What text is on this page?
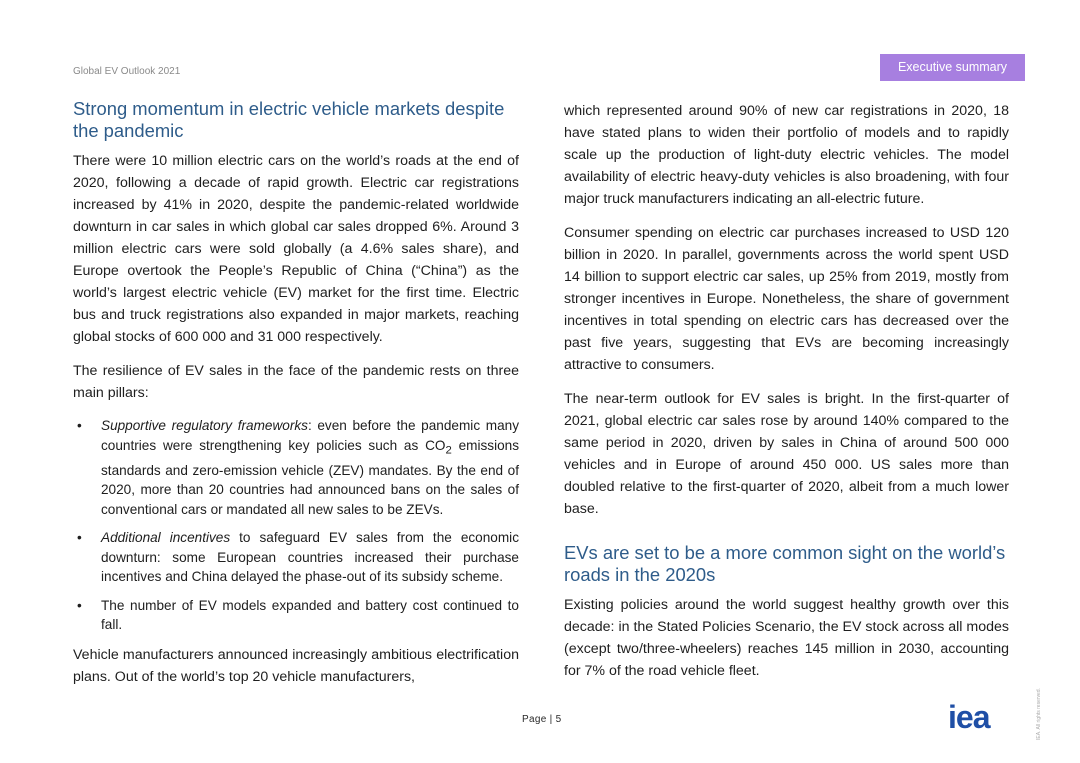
Global EV Outlook 2021	Executive summary
Strong momentum in electric vehicle markets despite the pandemic

There were 10 million electric cars on the world’s roads at the end of 2020, following a decade of rapid growth. Electric car registrations increased by 41% in 2020, despite the pandemic-related worldwide downturn in car sales in which global car sales dropped 6%. Around 3 million electric cars were sold globally (a 4.6% sales share), and Europe overtook the People’s Republic of China (“China”) as the world’s largest electric vehicle (EV) market for the first time. Electric bus and truck registrations also expanded in major markets, reaching global stocks of 600 000 and 31 000 respectively.

The resilience of EV sales in the face of the pandemic rests on three main pillars:

• Supportive regulatory frameworks: even before the pandemic many countries were strengthening key policies such as $CO_2$ emissions standards and zero-emission vehicle (ZEV) mandates. By the end of 2020, more than 20 countries had announced bans on the sales of conventional cars or mandated all new sales to be ZEVs.
• Additional incentives to safeguard EV sales from the economic downturn: some European countries increased their purchase incentives and China delayed the phase-out of its subsidy scheme.
• The number of EV models expanded and battery cost continued to fall.

Vehicle manufacturers announced increasingly ambitious electrification plans. Out of the world’s top 20 vehicle manufacturers,

which represented around 90% of new car registrations in 2020, 18 have stated plans to widen their portfolio of models and to rapidly scale up the production of light-duty electric vehicles. The model availability of electric heavy-duty vehicles is also broadening, with four major truck manufacturers indicating an all-electric future.

Consumer spending on electric car purchases increased to USD 120 billion in 2020. In parallel, governments across the world spent USD 14 billion to support electric car sales, up 25% from 2019, mostly from stronger incentives in Europe. Nonetheless, the share of government incentives in total spending on electric cars has decreased over the past five years, suggesting that EVs are becoming increasingly attractive to consumers.

The near-term outlook for EV sales is bright. In the first-quarter of 2021, global electric car sales rose by around 140% compared to the same period in 2020, driven by sales in China of around 500 000 vehicles and in Europe of around 450 000. US sales more than doubled relative to the first-quarter of 2020, albeit from a much lower base.

EVs are set to be a more common sight on the world’s roads in the 2020s

Existing policies around the world suggest healthy growth over this decade: in the Stated Policies Scenario, the EV stock across all modes (except two/three-wheelers) reaches 145 million in 2030, accounting for 7% of the road vehicle fleet.

Page | 5	iea	IEA. All rights reserved.
